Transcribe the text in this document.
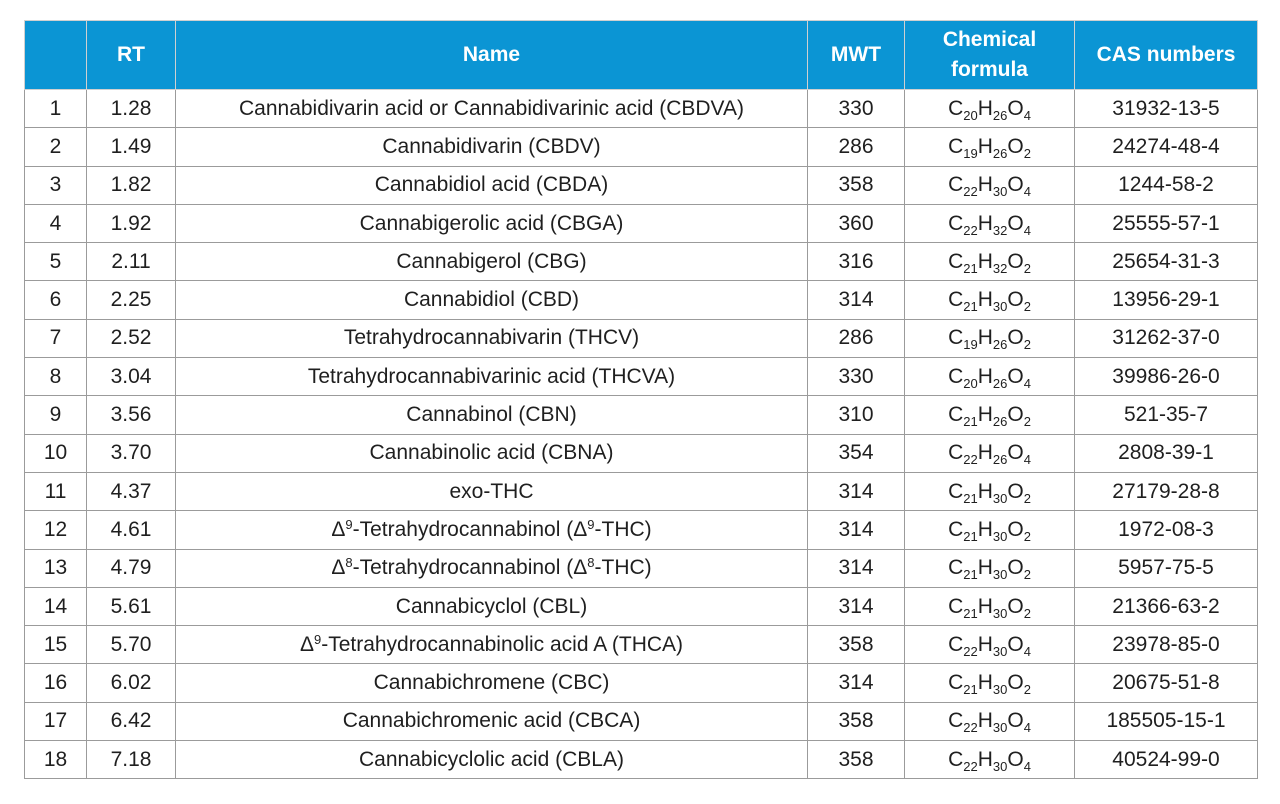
	RT	Name	MWT	Chemical formula	CAS numbers
1	1.28	Cannabidivarin acid or Cannabidivarinic acid (CBDVA)	330	$C_{20}H_{26}O_4$	31932-13-5
2	1.49	Cannabidivarin (CBDV)	286	$C_{19}H_{26}O_2$	24274-48-4
3	1.82	Cannabidiol acid (CBDA)	358	$C_{22}H_{30}O_4$	1244-58-2
4	1.92	Cannabigerolic acid (CBGA)	360	$C_{22}H_{32}O_4$	25555-57-1
5	2.11	Cannabigerol (CBG)	316	$C_{21}H_{32}O_2$	25654-31-3
6	2.25	Cannabidiol (CBD)	314	$C_{21}H_{30}O_2$	13956-29-1
7	2.52	Tetrahydrocannabivarin (THCV)	286	$C_{19}H_{26}O_2$	31262-37-0
8	3.04	Tetrahydrocannabivarinic acid (THCVA)	330	$C_{20}H_{26}O_4$	39986-26-0
9	3.56	Cannabinol (CBN)	310	$C_{21}H_{26}O_2$	521-35-7
10	3.70	Cannabinolic acid (CBNA)	354	$C_{22}H_{26}O_4$	2808-39-1
11	4.37	exo-THC	314	$C_{21}H_{30}O_2$	27179-28-8
12	4.61	$\Delta^9$-Tetrahydrocannabinol $(\Delta^9-THC)$	314	$C_{21}H_{30}O_2$	1972-08-3
13	4.79	$\Delta^8$-Tetrahydrocannabinol $(\Delta^8-THC)$	314	$C_{21}H_{30}O_2$	5957-75-5
14	5.61	Cannabicyclol (CBL)	314	$C_{21}H_{30}O_2$	21366-63-2
15	5.70	$\Delta^9$-Tetrahydrocannabinolic acid A (THCA)	358	$C_{22}H_{30}O_4$	23978-85-0
16	6.02	Cannabichromene (CBC)	314	$C_{21}H_{30}O_2$	20675-51-8
17	6.42	Cannabichromenic acid (CBCA)	358	$C_{22}H_{30}O_4$	185505-15-1
18	7.18	Cannabicyclolic acid (CBLA)	358	$C_{22}H_{30}O_4$	40524-99-0
